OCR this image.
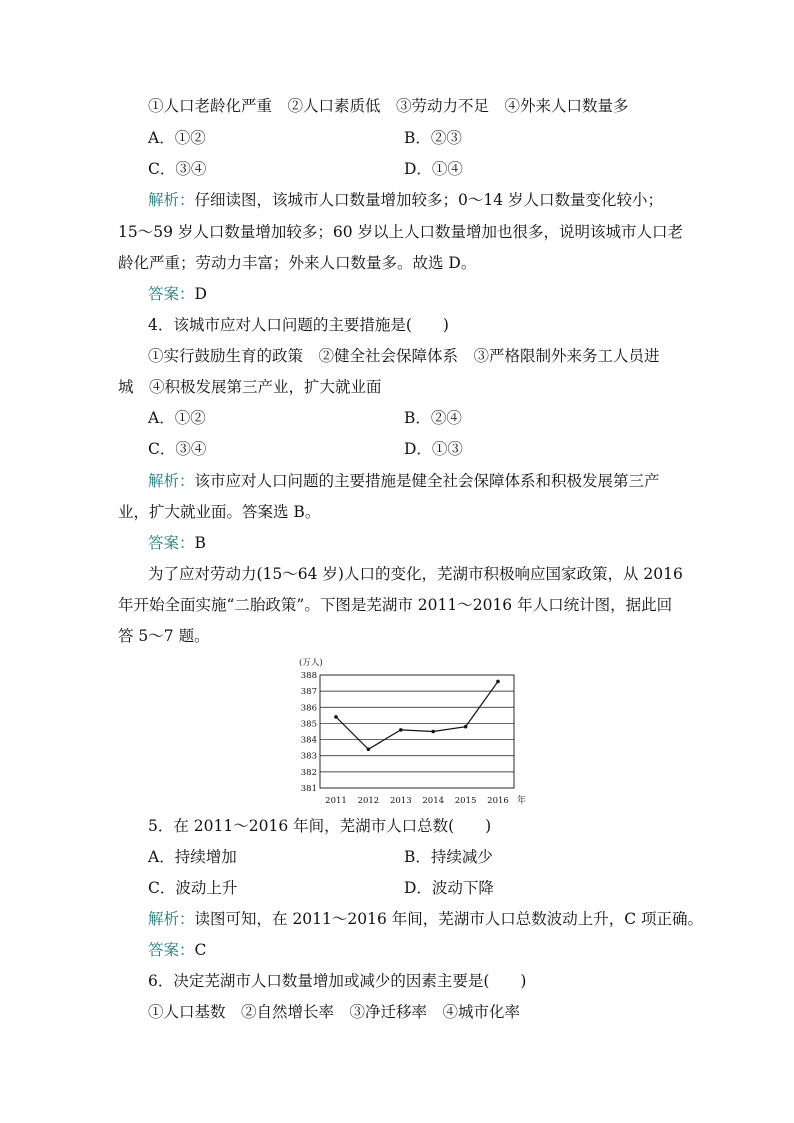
①人口老龄化严重　②人口素质低　③劳动力不足　④外来人口数量多
A．①②	B．②③
C．③④	D．①④
解析：仔细读图，该城市人口数量增加较多；0～14 岁人口数量变化较小；
15～59 岁人口数量增加较多；60 岁以上人口数量增加也很多，说明该城市人口老
龄化严重；劳动力丰富；外来人口数量多。故选 D。
答案：D
4．该城市应对人口问题的主要措施是(　　)
①实行鼓励生育的政策　②健全社会保障体系　③严格限制外来务工人员进
城　④积极发展第三产业，扩大就业面
A．①②	B．②④
C．③④	D．①③
解析：该市应对人口问题的主要措施是健全社会保障体系和积极发展第三产
业，扩大就业面。答案选 B。
答案：B
为了应对劳动力(15～64 岁)人口的变化，芜湖市积极响应国家政策，从 2016
年开始全面实施“二胎政策”。下图是芜湖市 2011～2016 年人口统计图，据此回
答 5～7 题。
(万人)
388
387
386
385
384
383
382
381
2011 2012 2013 2014 2015 2016 年
5．在 2011～2016 年间，芜湖市人口总数(　　)
A．持续增加	B．持续减少
C．波动上升	D．波动下降
解析：读图可知，在 2011～2016 年间，芜湖市人口总数波动上升，C 项正确。
答案：C
6．决定芜湖市人口数量增加或减少的因素主要是(　　)
①人口基数　②自然增长率　③净迁移率　④城市化率
